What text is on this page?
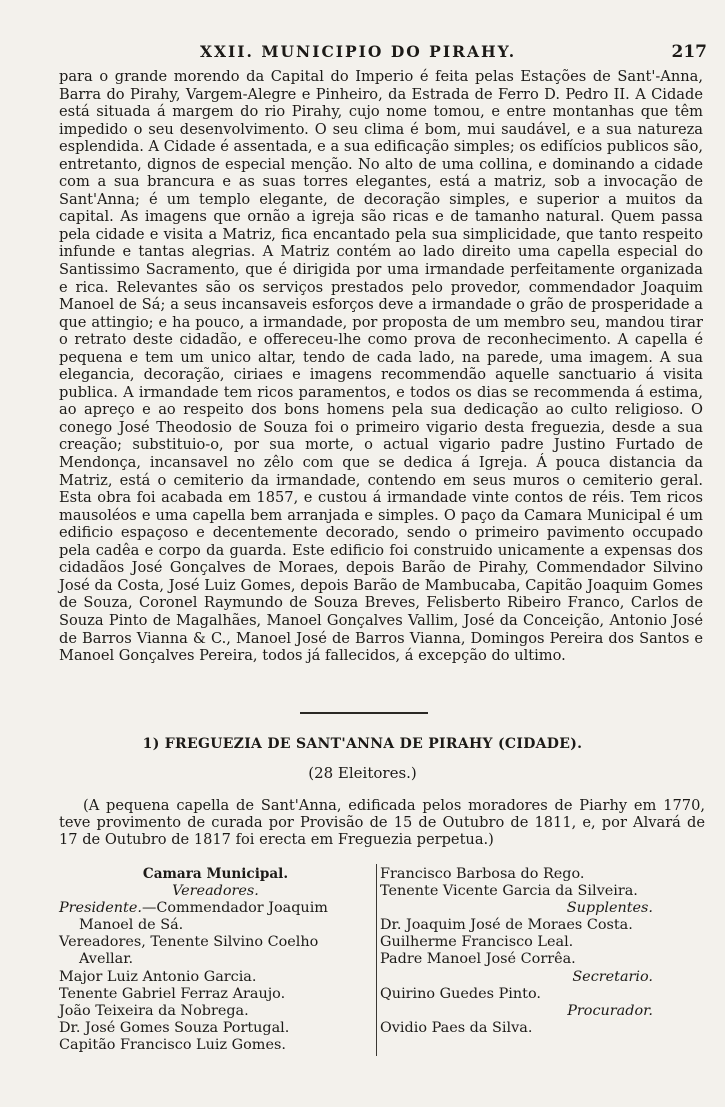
XXII. MUNICIPIO DO PIRAHY.	217
para o grande morendo da Capital do Imperio é feita pelas Estações de Sant'-Anna, Barra do Pirahy, Vargem-Alegre e Pinheiro, da Estrada de Ferro D. Pedro II. A Cidade está situada á margem do rio Pirahy, cujo nome tomou, e entre montanhas que têm impedido o seu desenvolvimento. O seu clima é bom, mui saudável, e a sua natureza esplendida. A Cidade é assentada, e a sua edificação simples; os edifícios publicos são, entretanto, dignos de especial menção. No alto de uma collina, e dominando a cidade com a sua brancura e as suas torres elegantes, está a matriz, sob a invocação de Sant'Anna; é um templo elegante, de decoração simples, e superior a muitos da capital. As imagens que ornão a igreja são ricas e de tamanho natural. Quem passa pela cidade e visita a Matriz, fica encantado pela sua simplicidade, que tanto respeito infunde e tantas alegrias. A Matriz contém ao lado direito uma capella especial do Santissimo Sacramento, que é dirigida por uma irmandade perfeitamente organizada e rica. Relevantes são os serviços prestados pelo provedor, commendador Joaquim Manoel de Sá; a seus incansaveis esforços deve a irmandade o grão de prosperidade a que attingio; e ha pouco, a irmandade, por proposta de um membro seu, mandou tirar o retrato deste cidadão, e offereceu-lhe como prova de reconhecimento. A capella é pequena e tem um unico altar, tendo de cada lado, na parede, uma imagem. A sua elegancia, decoração, ciriaes e imagens recommendão aquelle sanctuario á visita publica. A irmandade tem ricos paramentos, e todos os dias se recommenda á estima, ao apreço e ao respeito dos bons homens pela sua dedicação ao culto religioso. O conego José Theodosio de Souza foi o primeiro vigario desta freguezia, desde a sua creação; substituio-o, por sua morte, o actual vigario padre Justino Furtado de Mendonça, incansavel no zêlo com que se dedica á Igreja. Á pouca distancia da Matriz, está o cemiterio da irmandade, contendo em seus muros o cemiterio geral. Esta obra foi acabada em 1857, e custou á irmandade vinte contos de réis. Tem ricos mausoléos e uma capella bem arranjada e simples. O paço da Camara Municipal é um edificio espaçoso e decentemente decorado, sendo o primeiro pavimento occupado pela cadêa e corpo da guarda. Este edificio foi construido unicamente a expensas dos cidadãos José Gonçalves de Moraes, depois Barão de Pirahy, Commendador Silvino José da Costa, José Luiz Gomes, depois Barão de Mambucaba, Capitão Joaquim Gomes de Souza, Coronel Raymundo de Souza Breves, Felisberto Ribeiro Franco, Carlos de Souza Pinto de Magalhães, Manoel Gonçalves Vallim, José da Conceição, Antonio José de Barros Vianna & C., Manoel José de Barros Vianna, Domingos Pereira dos Santos e Manoel Gonçalves Pereira, todos já fallecidos, á excepção do ultimo.
1) FREGUEZIA DE SANT'ANNA DE PIRAHY (CIDADE).
(28 Eleitores.)
(A pequena capella de Sant'Anna, edificada pelos moradores de Piarhy em 1770, teve provimento de curada por Provisão de 15 de Outubro de 1811, e, por Alvará de 17 de Outubro de 1817 foi erecta em Freguezia perpetua.)
Camara Municipal.
Vereadores.
Presidente.—Commendador Joaquim Manoel de Sá.
Vereadores, Tenente Silvino Coelho Avellar.
Major Luiz Antonio Garcia.
Tenente Gabriel Ferraz Araujo.
João Teixeira da Nobrega.
Dr. José Gomes Souza Portugal.
Capitão Francisco Luiz Gomes.
Francisco Barbosa do Rego.
Tenente Vicente Garcia da Silveira.
Supplentes.
Dr. Joaquim José de Moraes Costa.
Guilherme Francisco Leal.
Padre Manoel José Corrêa.
Secretario.
Quirino Guedes Pinto.
Procurador.
Ovidio Paes da Silva.
